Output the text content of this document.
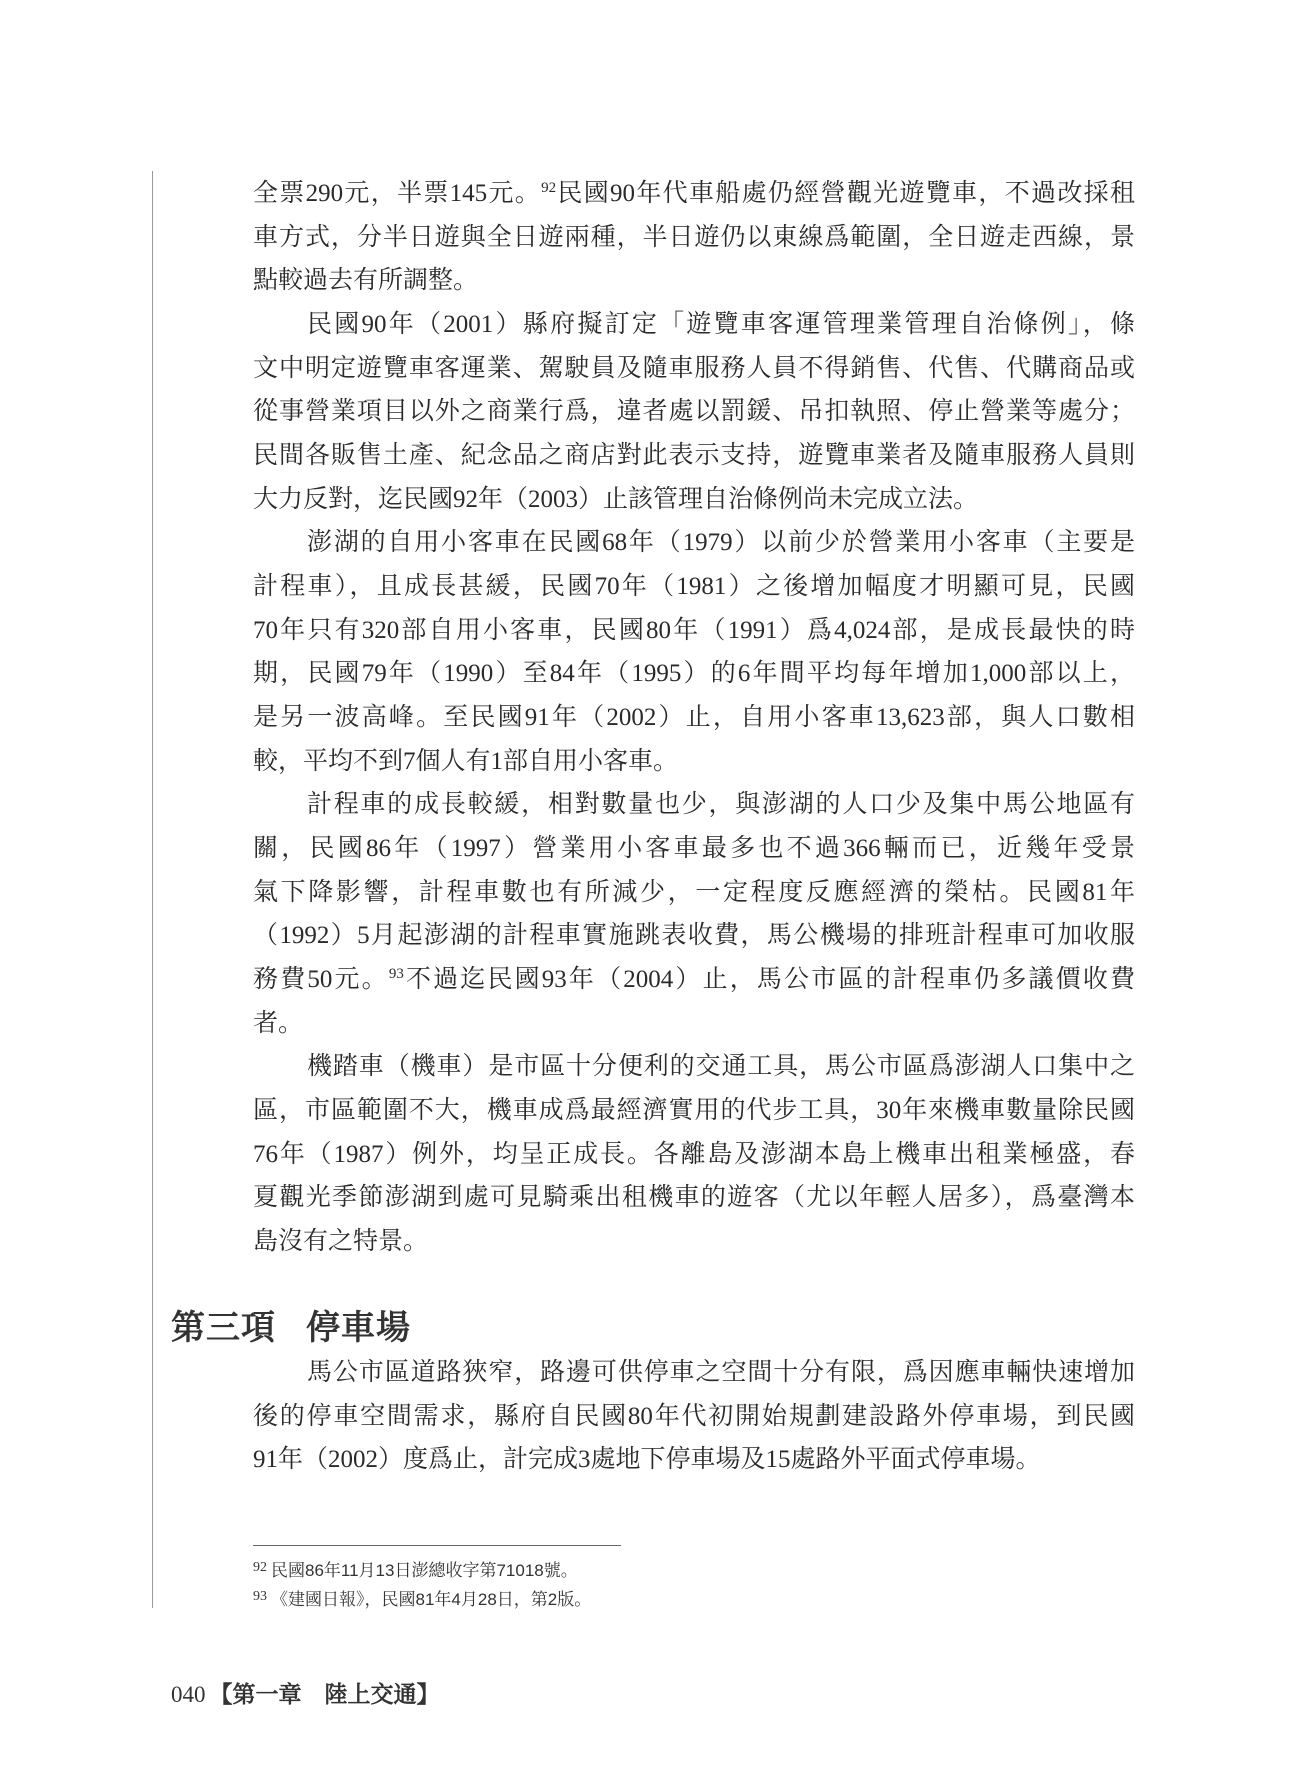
全票290元，半票145元。$^{92}$民國90年代車船處仍經營觀光遊覽車，不過改採租
車方式，分半日遊與全日遊兩種，半日遊仍以東線爲範圍，全日遊走西線，景
點較過去有所調整。
民國90年（2001）縣府擬訂定「遊覽車客運管理業管理自治條例」，條
文中明定遊覽車客運業、駕駛員及隨車服務人員不得銷售、代售、代購商品或
從事營業項目以外之商業行爲，違者處以罰鍰、吊扣執照、停止營業等處分；
民間各販售土產、紀念品之商店對此表示支持，遊覽車業者及隨車服務人員則
大力反對，迄民國92年（2003）止該管理自治條例尚未完成立法。
澎湖的自用小客車在民國68年（1979）以前少於營業用小客車（主要是
計程車），且成長甚緩，民國70年（1981）之後增加幅度才明顯可見，民國
70年只有320部自用小客車，民國80年（1991）爲4,024部，是成長最快的時
期，民國79年（1990）至84年（1995）的6年間平均每年增加1,000部以上，
是另一波高峰。至民國91年（2002）止，自用小客車13,623部，與人口數相
較，平均不到7個人有1部自用小客車。
計程車的成長較緩，相對數量也少，與澎湖的人口少及集中馬公地區有
關，民國86年（1997）營業用小客車最多也不過366輛而已，近幾年受景
氣下降影響，計程車數也有所減少，一定程度反應經濟的榮枯。民國81年
（1992）5月起澎湖的計程車實施跳表收費，馬公機場的排班計程車可加收服
務費50元。$^{93}$不過迄民國93年（2004）止，馬公市區的計程車仍多議價收費
者。
機踏車（機車）是市區十分便利的交通工具，馬公市區爲澎湖人口集中之
區，市區範圍不大，機車成爲最經濟實用的代步工具，30年來機車數量除民國
76年（1987）例外，均呈正成長。各離島及澎湖本島上機車出租業極盛，春
夏觀光季節澎湖到處可見騎乘出租機車的遊客（尤以年輕人居多），爲臺灣本
島沒有之特景。
第三項 停車場
馬公市區道路狹窄，路邊可供停車之空間十分有限，爲因應車輛快速增加
後的停車空間需求，縣府自民國80年代初開始規劃建設路外停車場，到民國
91年（2002）度爲止，計完成3處地下停車場及15處路外平面式停車場。
$^{92}$ 民國86年11月13日澎總收字第71018號。
$^{93}$ 《建國日報》，民國81年4月28日，第2版。
040 【第一章　陸上交通】
